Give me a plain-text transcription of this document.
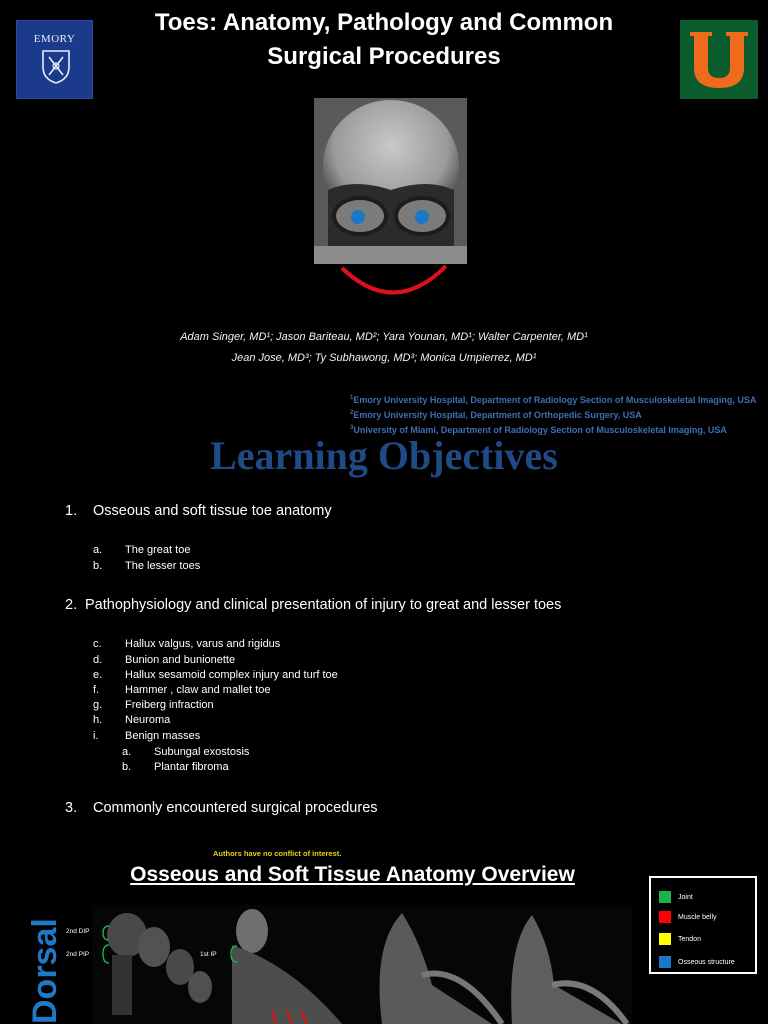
EMORY
Toes: Anatomy, Pathology and Common
Surgical Procedures
Adam Singer, MD¹; Jason Bariteau, MD²; Yara Younan, MD¹; Walter Carpenter, MD¹
Jean Jose, MD³; Ty Subhawong, MD³; Monica Umpierrez, MD¹
$^1$Emory University Hospital, Department of Radiology Section of Musculoskeletal Imaging, USA
$^2$Emory University Hospital, Department of Orthopedic Surgery, USA
$^3$University of Miami, Department of Radiology Section of Musculoskeletal Imaging, USA
Learning Objectives
1. Osseous and soft tissue toe anatomy
a. The great toe
b. The lesser toes
2. Pathophysiology and clinical presentation of injury to great and lesser toes
c. Hallux valgus, varus and rigidus
d. Bunion and bunionette
e. Hallux sesamoid complex injury and turf toe
f. Hammer , claw and mallet toe
g. Freiberg infraction
h. Neuroma
i. Benign masses
a. Subungal exostosis
b. Plantar fibroma
3. Commonly encountered surgical procedures
Authors have no conflict of interest.
Osseous and Soft Tissue Anatomy Overview
Joint
Muscle belly
Tendon
Osseous structure
Dorsal 2nd DIP
2nd PIP	1st IP
